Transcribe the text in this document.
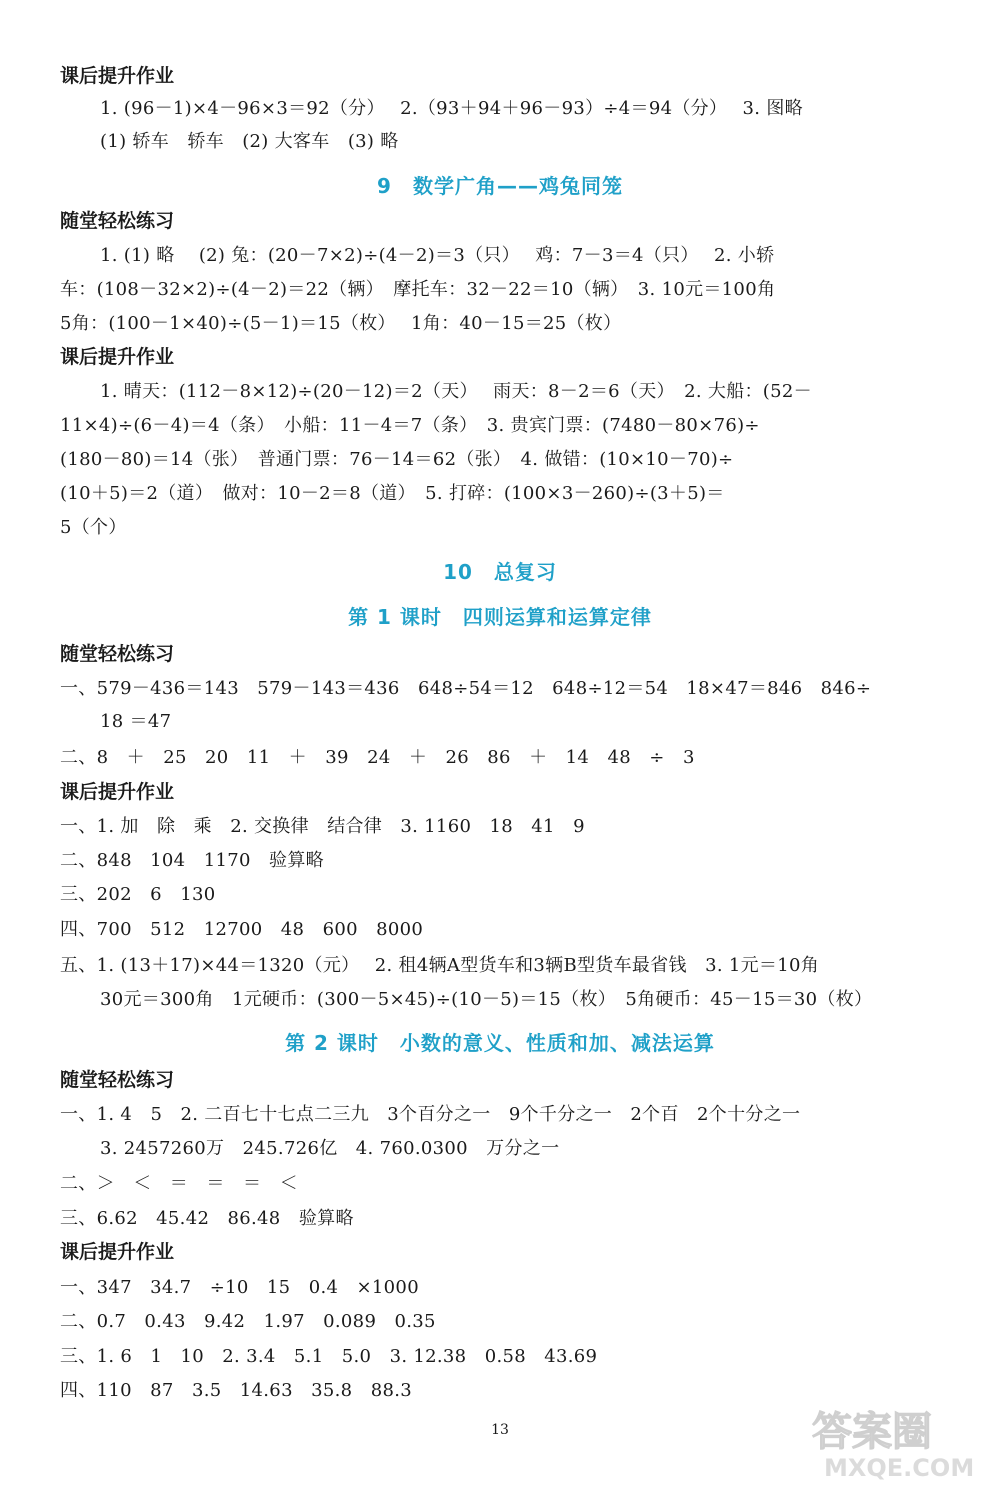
课后提升作业
1. (96－1)×4－96×3＝92（分）　 2.（93＋94＋96－93）÷4＝94（分）　 3. 图略
(1) 轿车　轿车　(2) 大客车　(3) 略
9　数学广角——鸡兔同笼
随堂轻松练习
1. (1) 略　 (2) 兔：(20－7×2)÷(4－2)＝3（只）　 鸡：7－3＝4（只）　 2. 小轿
车：(108－32×2)÷(4－2)＝22（辆）　摩托车：32－22＝10（辆）　3. 10元＝100角
5角：(100－1×40)÷(5－1)＝15（枚）　 1角：40－15＝25（枚）
课后提升作业
1. 晴天：(112－8×12)÷(20－12)＝2（天）　 雨天：8－2＝6（天）　2. 大船：(52－
11×4)÷(6－4)＝4（条）　小船：11－4＝7（条）　3. 贵宾门票：(7480－80×76)÷
(180－80)＝14（张）　普通门票：76－14＝62（张）　4. 做错：(10×10－70)÷
(10＋5)＝2（道）　做对：10－2＝8（道）　5. 打碎：(100×3－260)÷(3＋5)＝
5（个）
10　总复习
第 1 课时　四则运算和运算定律
随堂轻松练习
一、579－436＝143　579－143＝436　648÷54＝12　648÷12＝54　18×47＝846　846÷
18 ＝47
二、8　＋　25　20　11　＋　39　24　＋　26　86　＋　14　48　÷　3
课后提升作业
一、1. 加　除　乘　2. 交换律　结合律　3. 1160　18　41　9
二、848　104　1170　验算略
三、202　6　130
四、700　512　12700　48　600　8000
五、1. (13＋17)×44＝1320（元）　 2. 租4辆A型货车和3辆B型货车最省钱　3. 1元＝10角
30元＝300角　1元硬币：(300－5×45)÷(10－5)＝15（枚）　5角硬币：45－15＝30（枚）
第 2 课时　小数的意义、性质和加、减法运算
随堂轻松练习
一、1. 4　5　2. 二百七十七点二三九　3个百分之一　9个千分之一　2个百　2个十分之一
3. 2457260万　245.726亿　4. 760.0300　万分之一
二、＞　＜　＝　＝　＝　＜
三、6.62　45.42　86.48　验算略
课后提升作业
一、347　34.7　÷10　15　0.4　×1000
二、0.7　0.43　9.42　1.97　0.089　0.35
三、1. 6　1　10　2. 3.4　5.1　5.0　3. 12.38　0.58　43.69
四、110　87　3.5　14.63　35.8　88.3
13	答案圈
MXQE.COM
